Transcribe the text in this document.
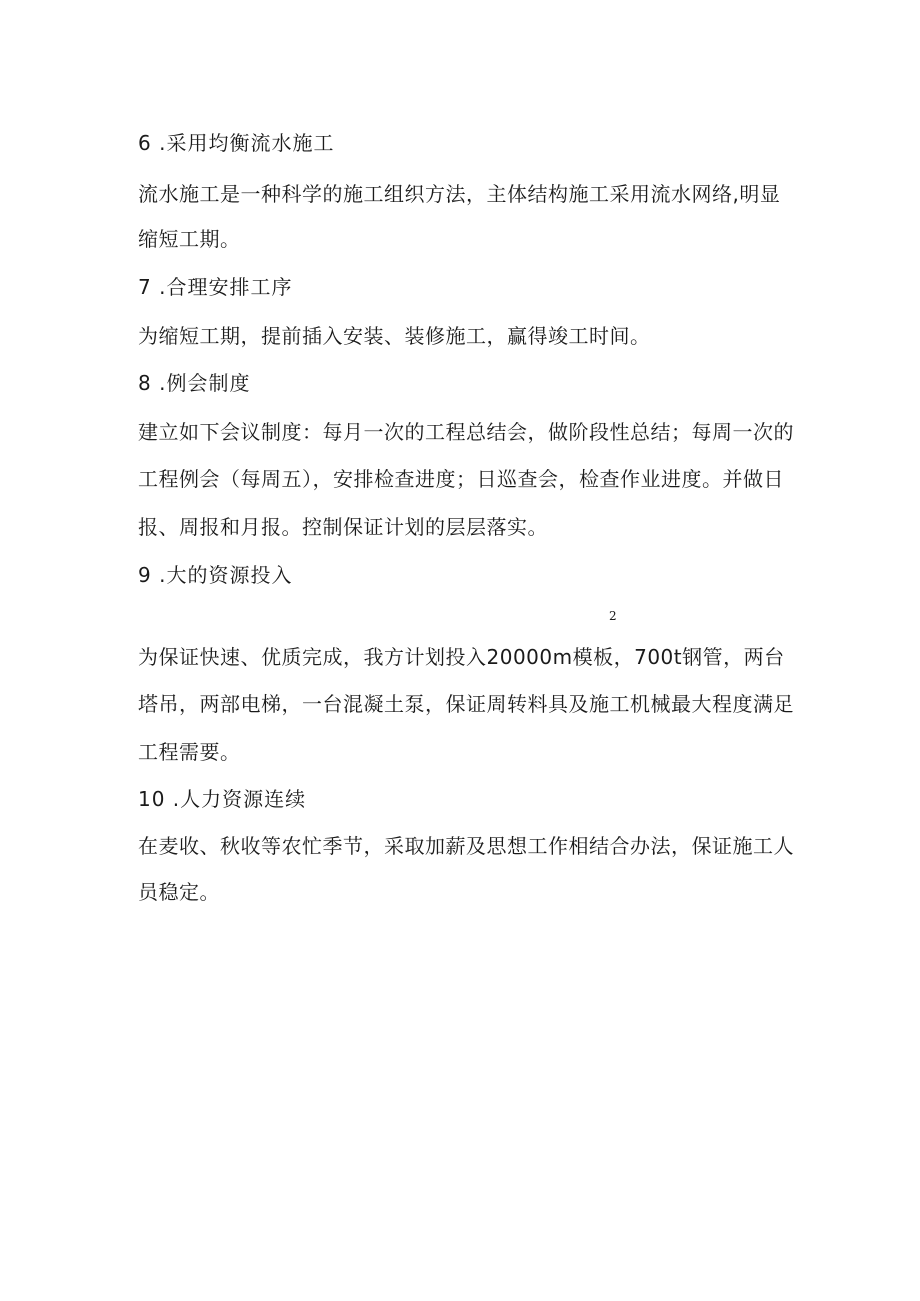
6 .采用均衡流水施工
流水施工是一种科学的施工组织方法，主体结构施工采用流水网络,明显
缩短工期。
7 .合理安排工序
为缩短工期，提前插入安装、装修施工，赢得竣工时间。
8 .例会制度
建立如下会议制度：每月一次的工程总结会，做阶段性总结；每周一次的
工程例会（每周五），安排检查进度；日巡查会，检查作业进度。并做日
报、周报和月报。控制保证计划的层层落实。
9 .大的资源投入
2
为保证快速、优质完成，我方计划投入20000m模板，700t钢管，两台
塔吊，两部电梯，一台混凝土泵，保证周转料具及施工机械最大程度满足
工程需要。
10 .人力资源连续
在麦收、秋收等农忙季节，采取加薪及思想工作相结合办法，保证施工人
员稳定。
